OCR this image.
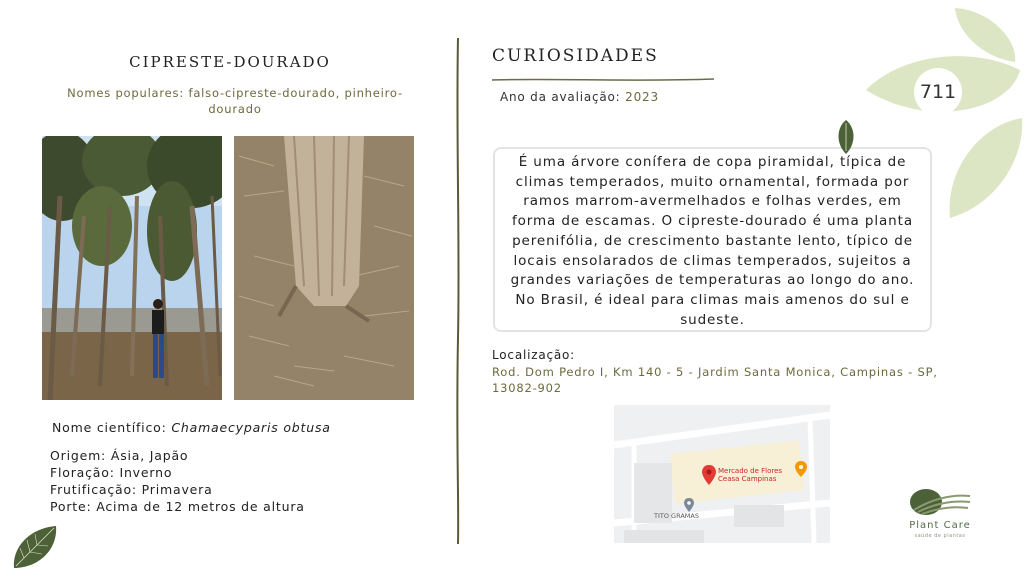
CIPRESTE-DOURADO
Nomes populares: falso-cipreste-dourado, pinheiro-dourado
Nome científico: Chamaecyparis obtusa
Origem: Ásia, Japão
Floração: Inverno
Frutificação: Primavera
Porte: Acima de 12 metros de altura
CURIOSIDADES
Ano da avaliação: 2023
É uma árvore conífera de copa piramidal, típica de climas temperados, muito ornamental, formada por ramos marrom-avermelhados e folhas verdes, em forma de escamas. O cipreste-dourado é uma planta perenifólia, de crescimento bastante lento, típico de locais ensolarados de climas temperados, sujeitos a grandes variações de temperaturas ao longo do ano. No Brasil, é ideal para climas mais amenos do sul e sudeste.
Localização:
Rod. Dom Pedro I, Km 140 - 5 - Jardim Santa Monica, Campinas - SP, 13082-902
Mercado de Flores
Ceasa Campinas
TITO GRAMAS
711
Plant Care
saúde de plantas
